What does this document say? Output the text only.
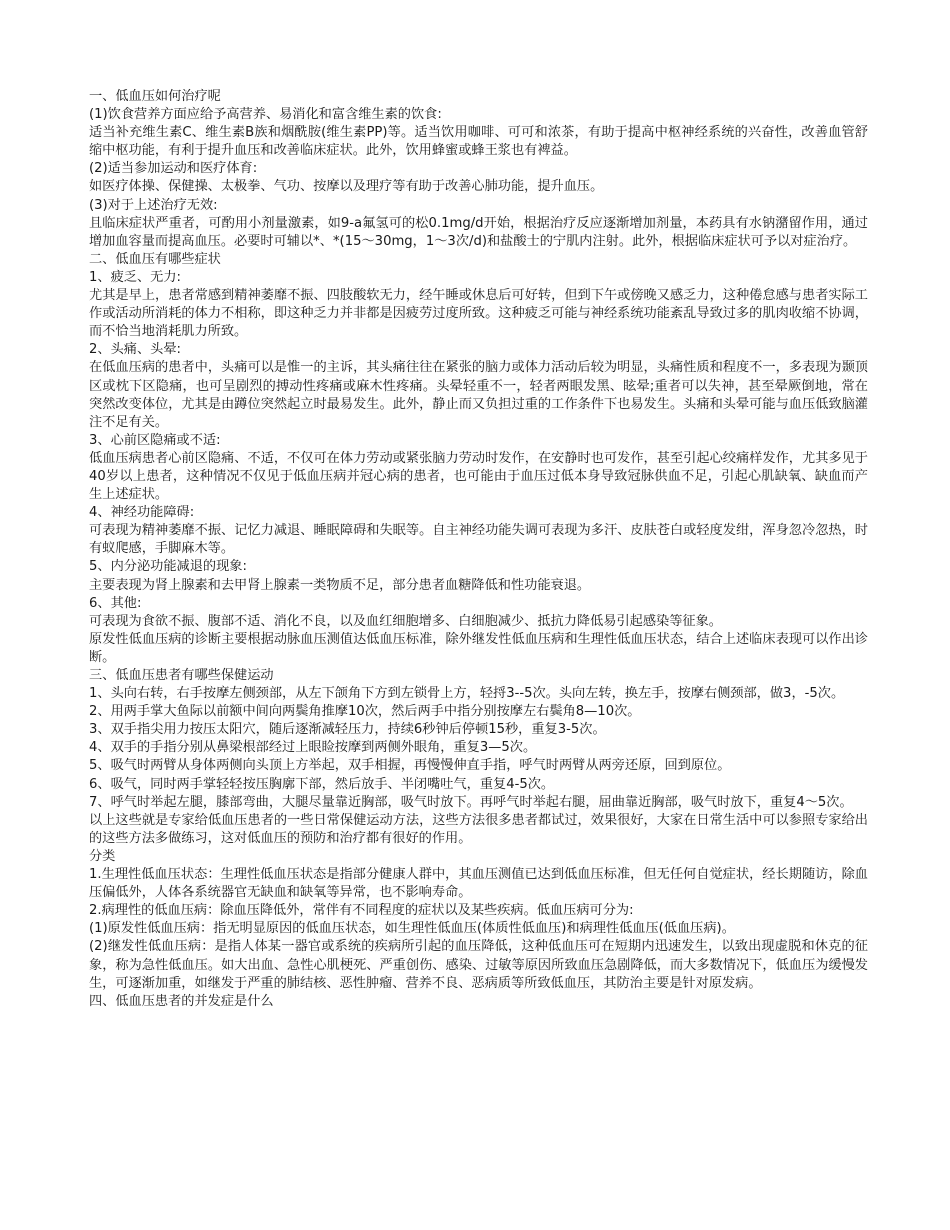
一、低血压如何治疗呢

(1)饮食营养方面应给予高营养、易消化和富含维生素的饮食:

适当补充维生素C、维生素B族和烟酰胺(维生素PP)等。适当饮用咖啡、可可和浓茶，有助于提高中枢神经系统的兴奋性，改善血管舒缩中枢功能，有利于提升血压和改善临床症状。此外，饮用蜂蜜或蜂王浆也有裨益。

(2)适当参加运动和医疗体育:

如医疗体操、保健操、太极拳、气功、按摩以及理疗等有助于改善心肺功能，提升血压。

(3)对于上述治疗无效:

且临床症状严重者，可酌用小剂量激素，如9-a氟氢可的松0.1mg/d开始，根据治疗反应逐渐增加剂量，本药具有水钠潴留作用，通过增加血容量而提高血压。必要时可辅以*、*(15～30mg，1～3次/d)和盐酸士的宁肌内注射。此外，根据临床症状可予以对症治疗。

二、低血压有哪些症状

1、疲乏、无力:

尤其是早上，患者常感到精神萎靡不振、四肢酸软无力，经午睡或休息后可好转，但到下午或傍晚又感乏力，这种倦怠感与患者实际工作或活动所消耗的体力不相称，即这种乏力并非都是因疲劳过度所致。这种疲乏可能与神经系统功能紊乱导致过多的肌肉收缩不协调，而不恰当地消耗肌力所致。

2、头痛、头晕:

在低血压病的患者中，头痛可以是惟一的主诉，其头痛往往在紧张的脑力或体力活动后较为明显，头痛性质和程度不一，多表现为颞顶区或枕下区隐痛，也可呈剧烈的搏动性疼痛或麻木性疼痛。头晕轻重不一，轻者两眼发黑、眩晕;重者可以失神，甚至晕厥倒地，常在突然改变体位，尤其是由蹲位突然起立时最易发生。此外，静止而又负担过重的工作条件下也易发生。头痛和头晕可能与血压低致脑灌注不足有关。

3、心前区隐痛或不适:

低血压病患者心前区隐痛、不适，不仅可在体力劳动或紧张脑力劳动时发作，在安静时也可发作，甚至引起心绞痛样发作，尤其多见于40岁以上患者，这种情况不仅见于低血压病并冠心病的患者，也可能由于血压过低本身导致冠脉供血不足，引起心肌缺氧、缺血而产生上述症状。

4、神经功能障碍:

可表现为精神萎靡不振、记忆力减退、睡眠障碍和失眠等。自主神经功能失调可表现为多汗、皮肤苍白或轻度发绀，浑身忽冷忽热，时有蚁爬感，手脚麻木等。

5、内分泌功能减退的现象:

主要表现为肾上腺素和去甲肾上腺素一类物质不足，部分患者血糖降低和性功能衰退。

6、其他:

可表现为食欲不振、腹部不适、消化不良，以及血红细胞增多、白细胞减少、抵抗力降低易引起感染等征象。

原发性低血压病的诊断主要根据动脉血压测值达低血压标准，除外继发性低血压病和生理性低血压状态，结合上述临床表现可以作出诊断。

三、低血压患者有哪些保健运动

1、头向右转，右手按摩左侧颈部，从左下颌角下方到左锁骨上方，轻捋3--5次。头向左转，换左手，按摩右侧颈部，做3，-5次。

2、用两手掌大鱼际以前额中间向两鬓角推摩10次，然后两手中指分别按摩左右鬓角8—10次。

3、双手指尖用力按压太阳穴，随后逐渐减轻压力，持续6秒钟后停顿15秒，重复3-5次。

4、双手的手指分别从鼻梁根部经过上眼睑按摩到两侧外眼角，重复3—5次。

5、吸气时两臂从身体两侧向头顶上方举起，双手相握，再慢慢伸直手指，呼气时两臂从两旁还原，回到原位。

6、吸气，同时两手掌轻轻按压胸廓下部，然后放手、半闭嘴吐气，重复4-5次。

7、呼气时举起左腿，膝部弯曲，大腿尽量靠近胸部，吸气时放下。再呼气时举起右腿，屈曲靠近胸部，吸气时放下，重复4～5次。

以上这些就是专家给低血压患者的一些日常保健运动方法，这些方法很多患者都试过，效果很好，大家在日常生活中可以参照专家给出的这些方法多做练习，这对低血压的预防和治疗都有很好的作用。

分类

1.生理性低血压状态：生理性低血压状态是指部分健康人群中，其血压测值已达到低血压标准，但无任何自觉症状，经长期随访，除血压偏低外，人体各系统器官无缺血和缺氧等异常，也不影响寿命。

2.病理性的低血压病：除血压降低外，常伴有不同程度的症状以及某些疾病。低血压病可分为:

(1)原发性低血压病：指无明显原因的低血压状态，如生理性低血压(体质性低血压)和病理性低血压(低血压病)。

(2)继发性低血压病：是指人体某一器官或系统的疾病所引起的血压降低，这种低血压可在短期内迅速发生，以致出现虚脱和休克的征象，称为急性低血压。如大出血、急性心肌梗死、严重创伤、感染、过敏等原因所致血压急剧降低，而大多数情况下，低血压为缓慢发生，可逐渐加重，如继发于严重的肺结核、恶性肿瘤、营养不良、恶病质等所致低血压，其防治主要是针对原发病。

四、低血压患者的并发症是什么
